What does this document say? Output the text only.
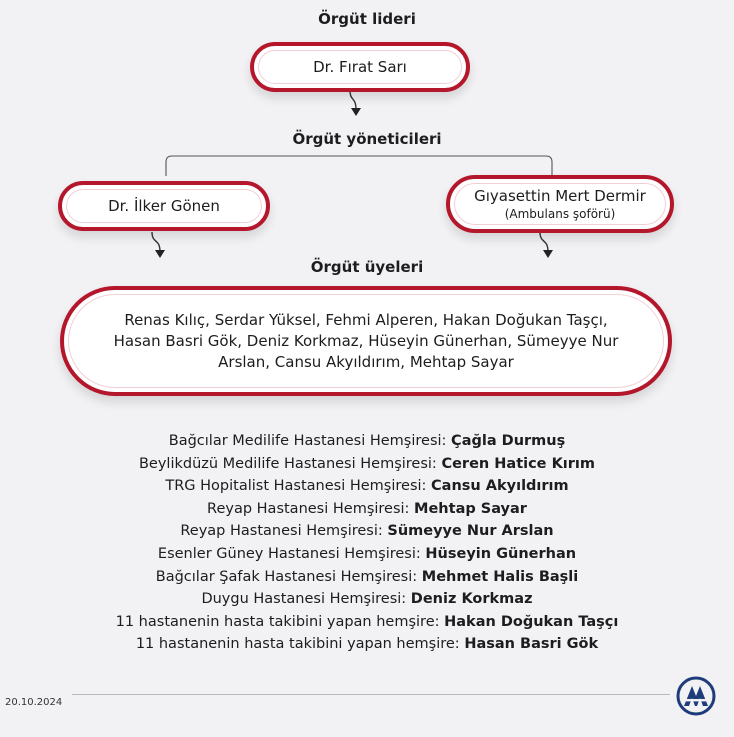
Örgüt lideri
Dr. Fırat Sarı
Örgüt yöneticileri
Dr. İlker Gönen
Gıyasettin Mert Dermir
(Ambulans şoförü)
Örgüt üyeleri
Renas Kılıç, Serdar Yüksel, Fehmi Alperen, Hakan Doğukan Taşçı, Hasan Basri Gök, Deniz Korkmaz, Hüseyin Günerhan, Sümeyye Nur Arslan, Cansu Akyıldırım, Mehtap Sayar
Bağcılar Medilife Hastanesi Hemşiresi: Çağla Durmuş
Beylikdüzü Medilife Hastanesi Hemşiresi: Ceren Hatice Kırım
TRG Hopitalist Hastanesi Hemşiresi: Cansu Akyıldırım
Reyap Hastanesi Hemşiresi: Mehtap Sayar
Reyap Hastanesi Hemşiresi: Sümeyye Nur Arslan
Esenler Güney Hastanesi Hemşiresi: Hüseyin Günerhan
Bağcılar Şafak Hastanesi Hemşiresi: Mehmet Halis Başli
Duygu Hastanesi Hemşiresi: Deniz Korkmaz
11 hastanenin hasta takibini yapan hemşire: Hakan Doğukan Taşçı
11 hastanenin hasta takibini yapan hemşire: Hasan Basri Gök
20.10.2024
